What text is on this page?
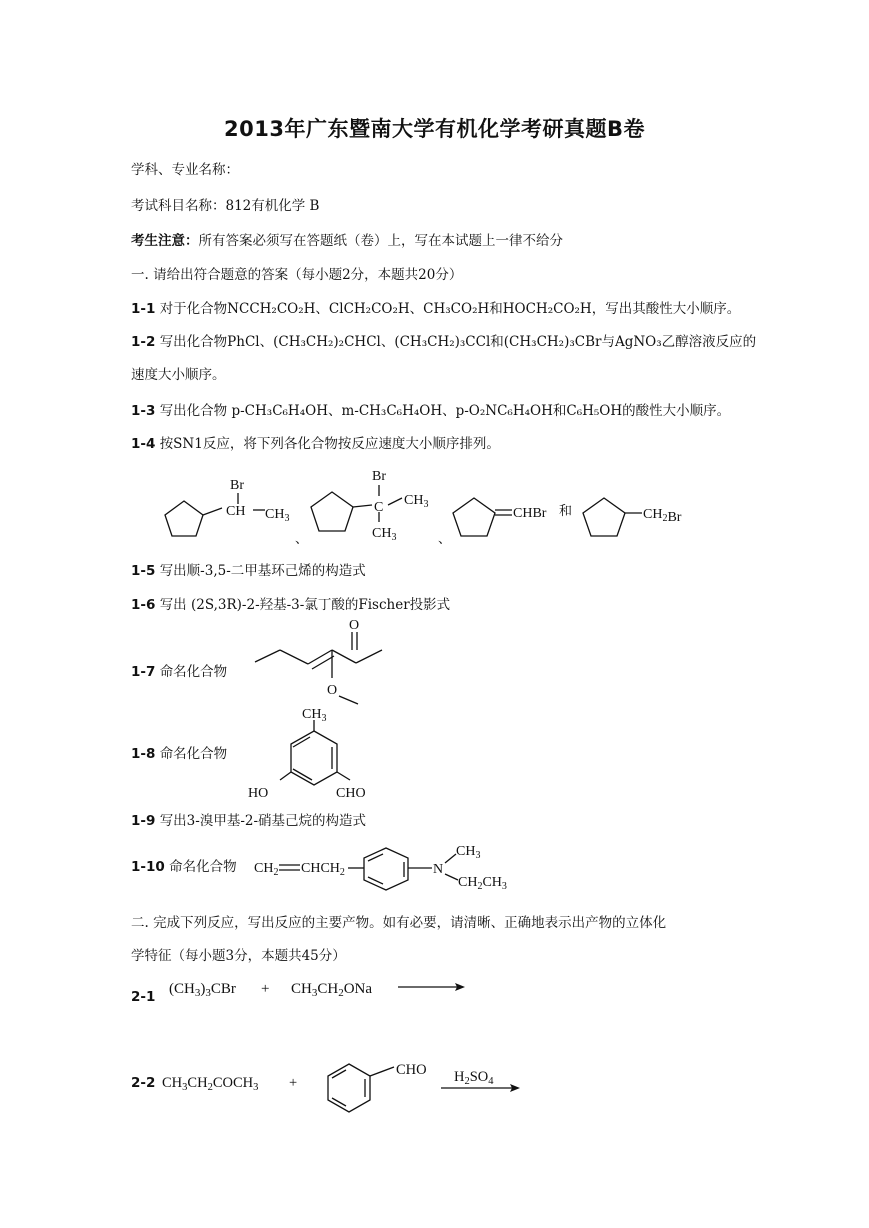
2013年广东暨南大学有机化学考研真题B卷
学科、专业名称：
考试科目名称：812有机化学 B
考生注意：所有答案必须写在答题纸（卷）上，写在本试题上一律不给分
一. 请给出符合题意的答案（每小题2分，本题共20分）
1-1 对于化合物NCCH₂CO₂H、ClCH₂CO₂H、CH₃CO₂H和HOCH₂CO₂H，写出其酸性大小顺序。
1-2 写出化合物PhCl、(CH₃CH₂)₂CHCl、(CH₃CH₂)₃CCl和(CH₃CH₂)₃CBr与AgNO₃乙醇溶液反应的
速度大小顺序。
1-3 写出化合物 p-CH₃C₆H₄OH、m-CH₃C₆H₄OH、p-O₂NC₆H₄OH和C₆H₅OH的酸性大小顺序。
1-4 按SN1反应，将下列各化合物按反应速度大小顺序排列。
Br
CH $CH_3$
Br
C $CH_3$
$CH_3$
、	、
CHBr 和	$CH_2Br$
1-5 写出顺-3,5-二甲基环己烯的构造式
1-6 写出 (2S,3R)-2-羟基-3-氯丁酸的Fischer投影式
1-7 命名化合物
O
O
1-8 命名化合物
$CH_3$
HO	CHO
1-9 写出3-溴甲基-2-硝基己烷的构造式
1-10 命名化合物 $CH_2$ $CHCH_2$	N
$CH_3$
$CH_2CH_3$
二. 完成下列反应，写出反应的主要产物。如有必要，请清晰、正确地表示出产物的立体化
学特征（每小题3分，本题共45分）
2-1 $(CH_3)_3CBr + CH_3CH_2ONa$
2-2 $CH_3CH_2COCH_3$ +
CHO $H_2SO_4$
